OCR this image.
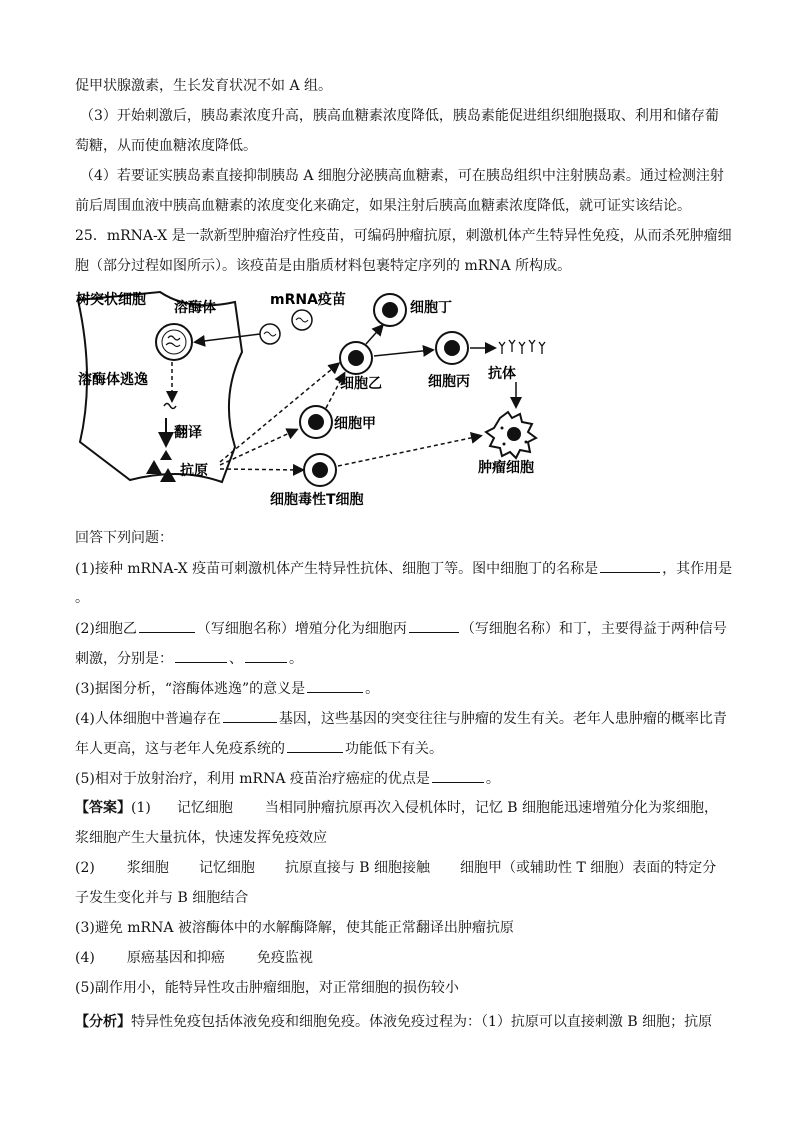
促甲状腺激素，生长发育状况不如 A 组。
（3）开始刺激后，胰岛素浓度升高，胰高血糖素浓度降低，胰岛素能促进组织细胞摄取、利用和储存葡
萄糖，从而使血糖浓度降低。
（4）若要证实胰岛素直接抑制胰岛 A 细胞分泌胰高血糖素，可在胰岛组织中注射胰岛素。通过检测注射
前后周围血液中胰高血糖素的浓度变化来确定，如果注射后胰高血糖素浓度降低，就可证实该结论。
25．mRNA-X 是一款新型肿瘤治疗性疫苗，可编码肿瘤抗原，刺激机体产生特异性免疫，从而杀死肿瘤细
胞（部分过程如图所示）。该疫苗是由脂质材料包裹特定序列的 mRNA 所构成。
树突状细胞 溶酶体	mRNA疫苗
溶酶体逃逸
翻译
抗原
细胞丁
细胞乙	细胞丙 抗体
肿瘤细胞
细胞甲
细胞毒性T细胞
回答下列问题：
(1)接种 mRNA-X 疫苗可刺激机体产生特异性抗体、细胞丁等。图中细胞丁的名称是	，其作用是
。
(2)细胞乙	（写细胞名称）增殖分化为细胞丙	（写细胞名称）和丁，主要得益于两种信号
刺激，分别是：	、	。
(3)据图分析，“溶酶体逃逸”的意义是	。
(4)人体细胞中普遍存在	基因，这些基因的突变往往与肿瘤的发生有关。老年人患肿瘤的概率比青
年人更高，这与老年人免疫系统的	功能低下有关。
(5)相对于放射治疗，利用 mRNA 疫苗治疗癌症的优点是	。
【答案】(1) 记忆细胞 当相同肿瘤抗原再次入侵机体时，记忆 B 细胞能迅速增殖分化为浆细胞，
浆细胞产生大量抗体，快速发挥免疫效应
(2) 浆细胞 记忆细胞 抗原直接与 B 细胞接触 细胞甲（或辅助性 T 细胞）表面的特定分
子发生变化并与 B 细胞结合
(3)避免 mRNA 被溶酶体中的水解酶降解，使其能正常翻译出肿瘤抗原
(4) 原癌基因和抑癌 免疫监视
(5)副作用小，能特异性攻击肿瘤细胞，对正常细胞的损伤较小
【分析】特异性免疫包括体液免疫和细胞免疫。体液免疫过程为：（1）抗原可以直接刺激 B 细胞；抗原
